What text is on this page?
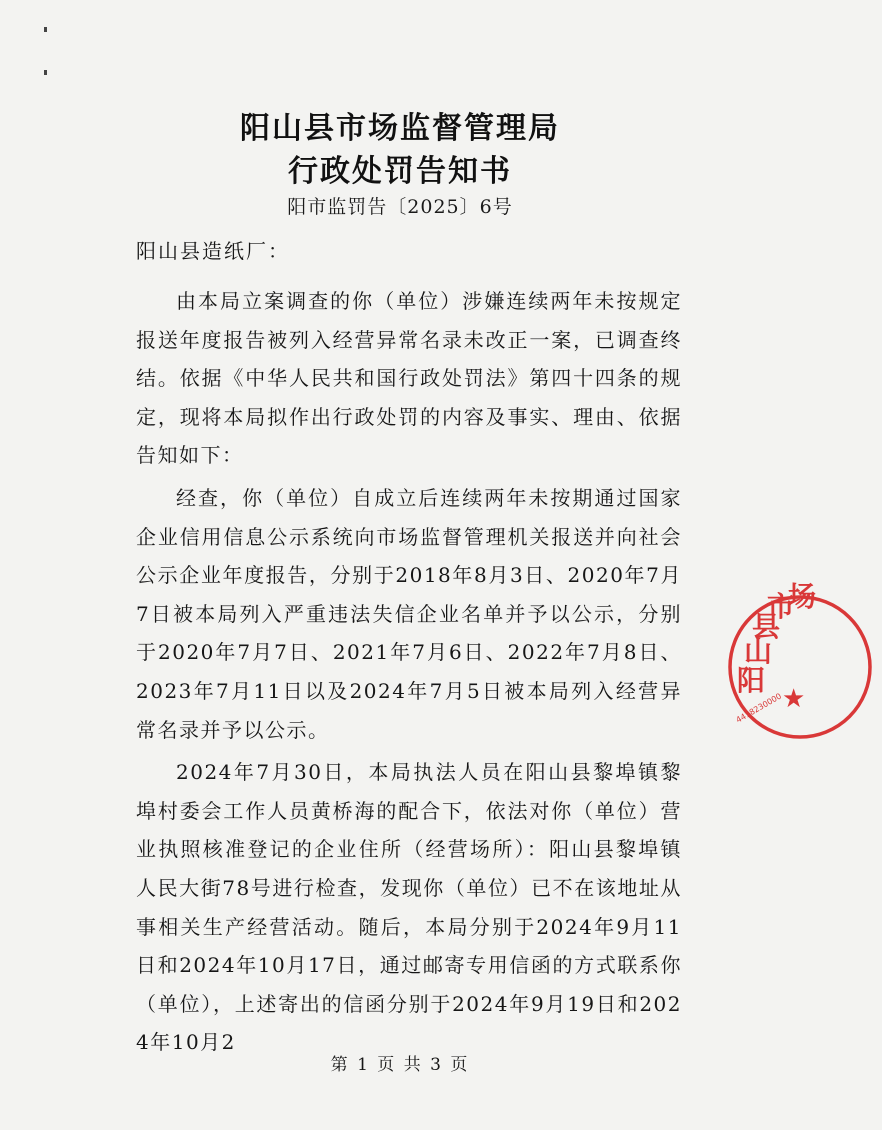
阳山县市场监督管理局
行政处罚告知书
阳市监罚告〔2025〕6号
阳山县造纸厂：

由本局立案调查的你（单位）涉嫌连续两年未按规定报送年度报告被列入经营异常名录未改正一案，已调查终结。依据《中华人民共和国行政处罚法》第四十四条的规定，现将本局拟作出行政处罚的内容及事实、理由、依据告知如下：

经查，你（单位）自成立后连续两年未按期通过国家企业信用信息公示系统向市场监督管理机关报送并向社会公示企业年度报告，分别于2018年8月3日、2020年7月7日被本局列入严重违法失信企业名单并予以公示，分别于2020年7月7日、2021年7月6日、2022年7月8日、2023年7月11日以及2024年7月5日被本局列入经营异常名录并予以公示。

2024年7月30日，本局执法人员在阳山县黎埠镇黎埠村委会工作人员黄桥海的配合下，依法对你（单位）营业执照核准登记的企业住所（经营场所）：阳山县黎埠镇人民大街78号进行检查，发现你（单位）已不在该地址从事相关生产经营活动。随后，本局分别于2024年9月11日和2024年10月17日，通过邮寄专用信函的方式联系你（单位），上述寄出的信函分别于2024年9月19日和2024年10月2

第 1 页 共 3 页
阳 山 县 市 场
4418230000
★
